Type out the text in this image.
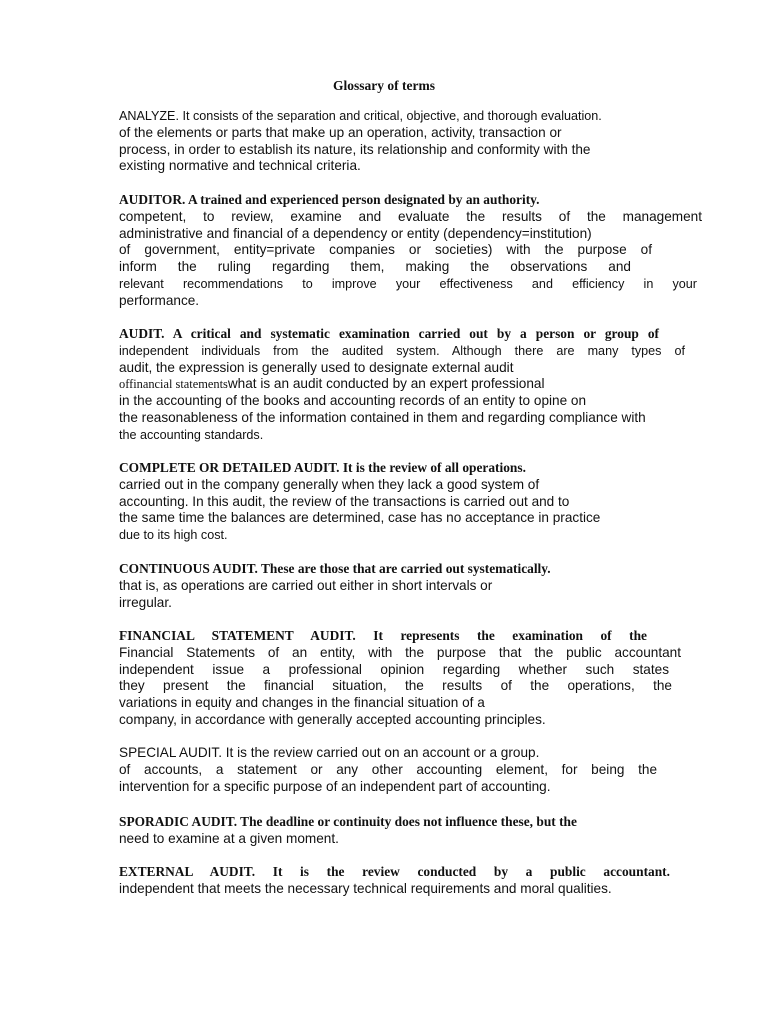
Glossary of terms
ANALYZE. It consists of the separation and critical, objective, and thorough evaluation.
of the elements or parts that make up an operation, activity, transaction or
process, in order to establish its nature, its relationship and conformity with the
existing normative and technical criteria.
AUDITOR. A trained and experienced person designated by an authority.
competent, to review, examine and evaluate the results of the management
administrative and financial of a dependency or entity (dependency=institution)
of government, entity=private companies or societies) with the purpose of
inform the ruling regarding them, making the observations and
relevant recommendations to improve your effectiveness and efficiency in your
performance.
AUDIT. A critical and systematic examination carried out by a person or group of
independent individuals from the audited system. Although there are many types of
audit, the expression is generally used to designate external audit
offinancial statementswhat is an audit conducted by an expert professional
in the accounting of the books and accounting records of an entity to opine on
the reasonableness of the information contained in them and regarding compliance with
the accounting standards.
COMPLETE OR DETAILED AUDIT. It is the review of all operations.
carried out in the company generally when they lack a good system of
accounting. In this audit, the review of the transactions is carried out and to
the same time the balances are determined, case has no acceptance in practice
due to its high cost.
CONTINUOUS AUDIT. These are those that are carried out systematically.
that is, as operations are carried out either in short intervals or
irregular.
FINANCIAL STATEMENT AUDIT. It represents the examination of the
Financial Statements of an entity, with the purpose that the public accountant
independent issue a professional opinion regarding whether such states
they present the financial situation, the results of the operations, the
variations in equity and changes in the financial situation of a
company, in accordance with generally accepted accounting principles.
SPECIAL AUDIT. It is the review carried out on an account or a group.
of accounts, a statement or any other accounting element, for being the
intervention for a specific purpose of an independent part of accounting.
SPORADIC AUDIT. The deadline or continuity does not influence these, but the
need to examine at a given moment.
EXTERNAL AUDIT. It is the review conducted by a public accountant.
independent that meets the necessary technical requirements and moral qualities.
